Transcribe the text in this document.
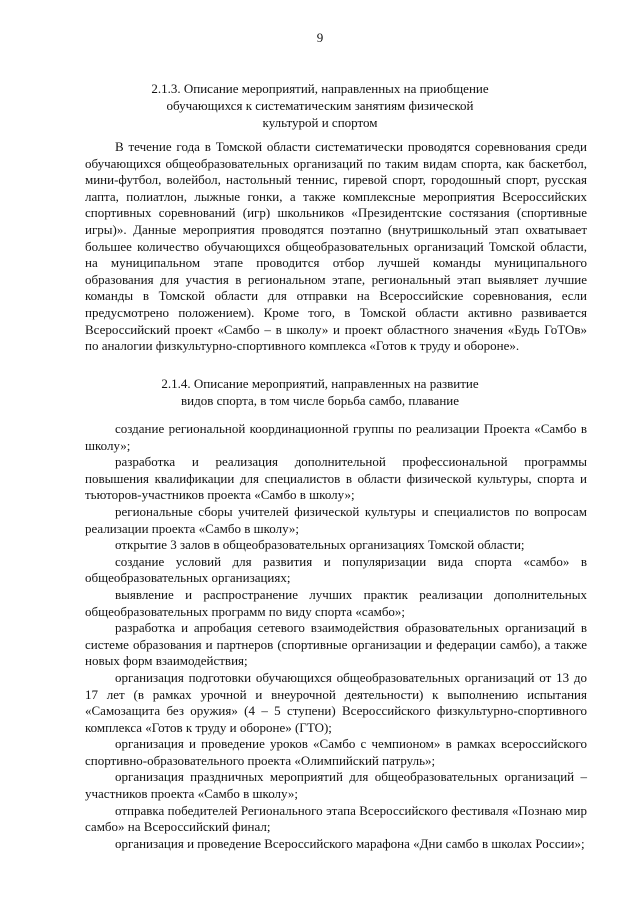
9
2.1.3. Описание мероприятий, направленных на приобщение
обучающихся к систематическим занятиям физической
культурой и спортом

В течение года в Томской области систематически проводятся соревнования среди обучающихся общеобразовательных организаций по таким видам спорта, как баскетбол, мини-футбол, волейбол, настольный теннис, гиревой спорт, городошный спорт, русская лапта, полиатлон, лыжные гонки, а также комплексные мероприятия Всероссийских спортивных соревнований (игр) школьников «Президентские состязания (спортивные игры)». Данные мероприятия проводятся поэтапно (внутришкольный этап охватывает большее количество обучающихся общеобразовательных организаций Томской области, на муниципальном этапе проводится отбор лучшей команды муниципального образования для участия в региональном этапе, региональный этап выявляет лучшие команды в Томской области для отправки на Всероссийские соревнования, если предусмотрено положением). Кроме того, в Томской области активно развивается Всероссийский проект «Самбо – в школу» и проект областного значения «Будь ГоТОв» по аналогии физкультурно-спортивного комплекса «Готов к труду и обороне».

2.1.4. Описание мероприятий, направленных на развитие
видов спорта, в том числе борьба самбо, плавание

создание региональной координационной группы по реализации Проекта «Самбо в школу»;

разработка и реализация дополнительной профессиональной программы повышения квалификации для специалистов в области физической культуры, спорта и тьюторов-участников проекта «Самбо в школу»;

региональные сборы учителей физической культуры и специалистов по вопросам реализации проекта «Самбо в школу»;

открытие 3 залов в общеобразовательных организациях Томской области;

создание условий для развития и популяризации вида спорта «самбо» в общеобразовательных организациях;

выявление и распространение лучших практик реализации дополнительных общеобразовательных программ по виду спорта «самбо»;

разработка и апробация сетевого взаимодействия образовательных организаций в системе образования и партнеров (спортивные организации и федерации самбо), а также новых форм взаимодействия;

организация подготовки обучающихся общеобразовательных организаций от 13 до 17 лет (в рамках урочной и внеурочной деятельности) к выполнению испытания «Самозащита без оружия» (4 – 5 ступени) Всероссийского физкультурно-спортивного комплекса «Готов к труду и обороне» (ГТО);

организация и проведение уроков «Самбо с чемпионом» в рамках всероссийского спортивно-образовательного проекта «Олимпийский патруль»;

организация праздничных мероприятий для общеобразовательных организаций – участников проекта «Самбо в школу»;

отправка победителей Регионального этапа Всероссийского фестиваля «Познаю мир самбо» на Всероссийский финал;

организация и проведение Всероссийского марафона «Дни самбо в школах России»;
